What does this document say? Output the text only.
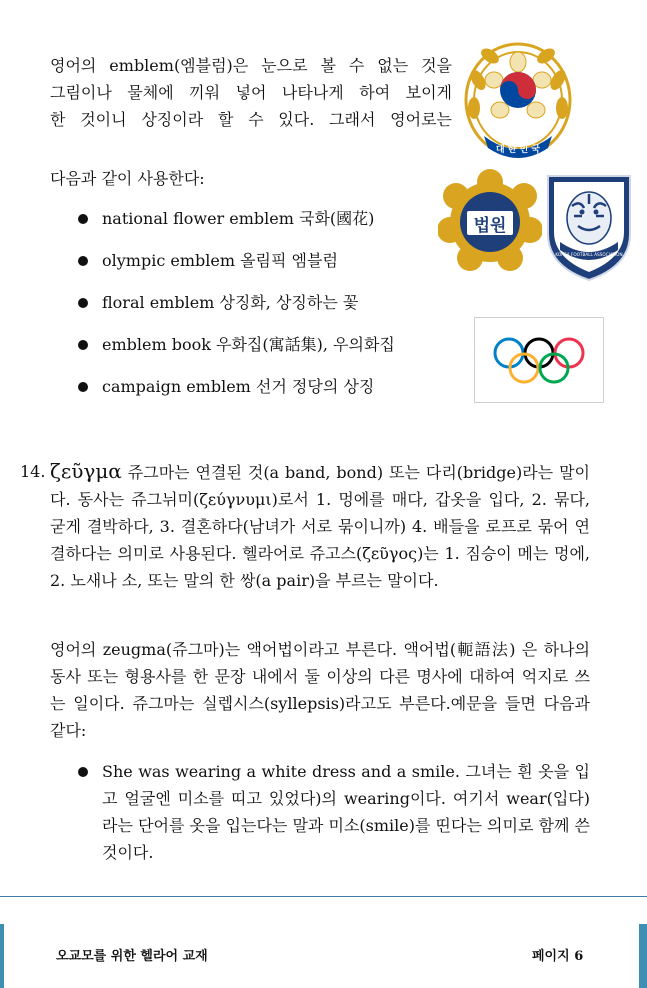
영어의 emblem(엠블럼)은 눈으로 볼 수 없는 것을
그림이나 물체에 끼워 넣어 나타나게 하여 보이게
한 것이니 상징이라 할 수 있다. 그래서 영어로는
다음과 같이 사용한다:
national flower emblem 국화(國花)
olympic emblem 올림픽 엠블럼
floral emblem 상징화, 상징하는 꽃
emblem book 우화집(寓話集), 우의화집
campaign emblem 선거 정당의 상징
대 한 민 국
법원
KOREA FOOTBALL ASSOCIATION
14. ζεῦγμα 쥬그마는 연결된 것(a band, bond) 또는 다리(bridge)라는 말이다. 동사는 쥬그뉘미(ζεύγνυμι)로서 1. 멍에를 매다, 갑옷을 입다, 2. 묶다, 굳게 결박하다, 3. 결혼하다(남녀가 서로 묶이니까) 4. 배들을 로프로 묶어 연결하다는 의미로 사용된다. 헬라어로 쥬고스(ζεῦγος)는 1. 짐승이 메는 멍에, 2. 노새나 소, 또는 말의 한 쌍(a pair)을 부르는 말이다.
영어의 zeugma(쥬그마)는 액어법이라고 부른다. 액어법(軛語法) 은 하나의 동사 또는 형용사를 한 문장 내에서 둘 이상의 다른 명사에 대하여 억지로 쓰는 일이다. 쥬그마는 실렙시스(syllepsis)라고도 부른다.예문을 들면 다음과 같다:
She was wearing a white dress and a smile. 그녀는 흰 옷을 입고 얼굴엔 미소를 띠고 있었다)의 wearing이다. 여기서 wear(입다)라는 단어를 옷을 입는다는 말과 미소(smile)를 띤다는 의미로 함께 쓴 것이다.
오교모를 위한 헬라어 교재	페이지 6
